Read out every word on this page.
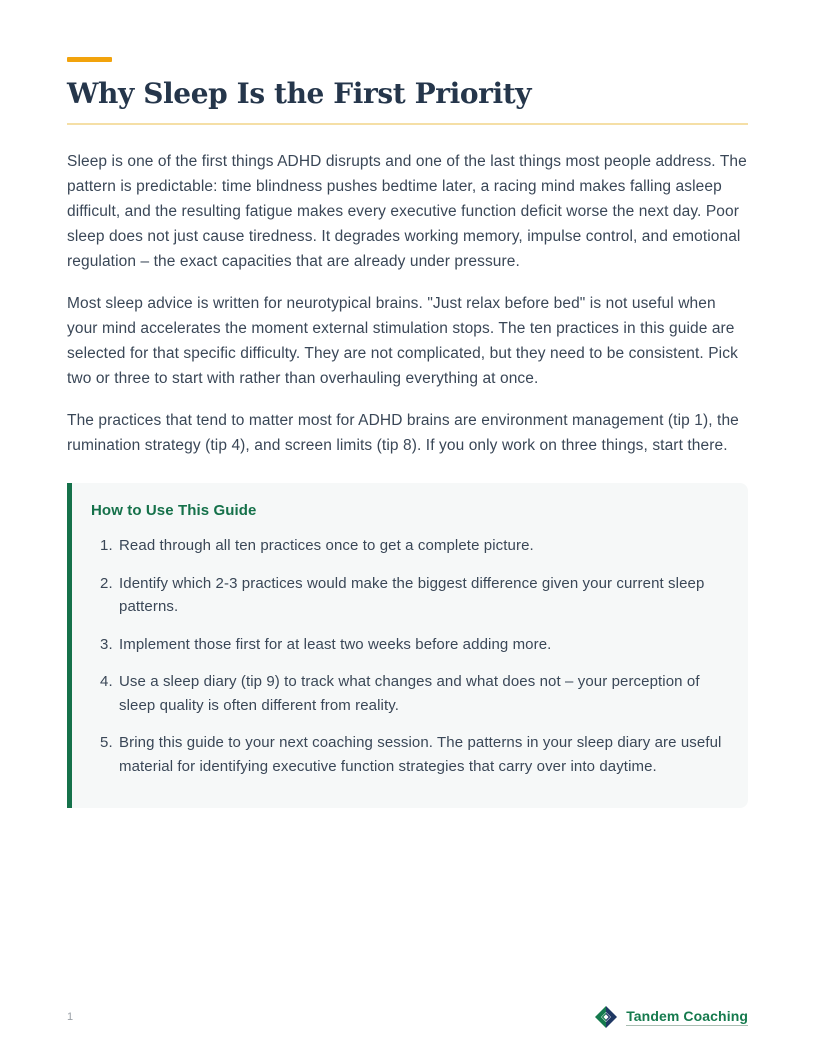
Why Sleep Is the First Priority

Sleep is one of the first things ADHD disrupts and one of the last things most people address. The pattern is predictable: time blindness pushes bedtime later, a racing mind makes falling asleep difficult, and the resulting fatigue makes every executive function deficit worse the next day. Poor sleep does not just cause tiredness. It degrades working memory, impulse control, and emotional regulation – the exact capacities that are already under pressure.

Most sleep advice is written for neurotypical brains. "Just relax before bed" is not useful when your mind accelerates the moment external stimulation stops. The ten practices in this guide are selected for that specific difficulty. They are not complicated, but they need to be consistent. Pick two or three to start with rather than overhauling everything at once.

The practices that tend to matter most for ADHD brains are environment management (tip 1), the rumination strategy (tip 4), and screen limits (tip 8). If you only work on three things, start there.

How to Use This Guide
1. Read through all ten practices once to get a complete picture.
2. Identify which 2-3 practices would make the biggest difference given your current sleep patterns.
3. Implement those first for at least two weeks before adding more.
4. Use a sleep diary (tip 9) to track what changes and what does not – your perception of sleep quality is often different from reality.
5. Bring this guide to your next coaching session. The patterns in your sleep diary are useful material for identifying executive function strategies that carry over into daytime.
1	Tandem Coaching
